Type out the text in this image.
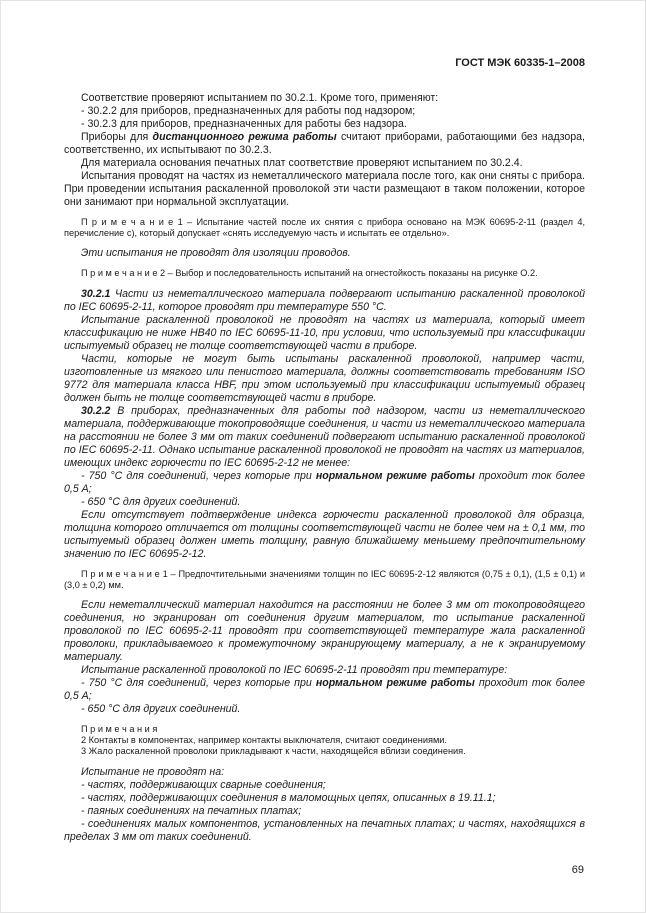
ГОСТ МЭК 60335-1–2008

Соответствие проверяют испытанием по 30.2.1. Кроме того, применяют:

- 30.2.2 для приборов, предназначенных для работы под надзором;

- 30.2.3 для приборов, предназначенных для работы без надзора.

Приборы для дистанционного режима работы считают приборами, работающими без надзора, соответственно, их испытывают по 30.2.3.

Для материала основания печатных плат соответствие проверяют испытанием по 30.2.4.

Испытания проводят на частях из неметаллического материала после того, как они сняты с прибора. При проведении испытания раскаленной проволокой эти части размещают в таком положении, которое они занимают при нормальной эксплуатации.

П р и м е ч а н и е 1 – Испытание частей после их снятия с прибора основано на МЭК 60695-2-11 (раздел 4, перечисление с), который допускает «снять исследуемую часть и испытать ее отдельно».

Эти испытания не проводят для изоляции проводов.

П р и м е ч а н и е 2 – Выбор и последовательность испытаний на огнестойкость показаны на рисунке О.2.

30.2.1 Части из неметаллического материала подвергают испытанию раскаленной проволокой по IEC 60695-2-11, которое проводят при температуре 550 °С.

Испытание раскаленной проволокой не проводят на частях из материала, который имеет классификацию не ниже НВ40 по IEC 60695-11-10, при условии, что используемый при классификации испытуемый образец не толще соответствующей части в приборе.

Части, которые не могут быть испытаны раскаленной проволокой, например части, изготовленные из мягкого или пенистого материала, должны соответствовать требованиям ISO 9772 для материала класса HBF, при этом используемый при классификации испытуемый образец должен быть не толще соответствующей части в приборе.

30.2.2 В приборах, предназначенных для работы под надзором, части из неметаллического материала, поддерживающие токопроводящие соединения, и части из неметаллического материала на расстоянии не более 3 мм от таких соединений подвергают испытанию раскаленной проволокой по IEC 60695-2-11. Однако испытание раскаленной проволокой не проводят на частях из материалов, имеющих индекс горючести по IEC 60695-2-12 не менее:

- 750 °С для соединений, через которые при нормальном режиме работы проходит ток более 0,5 А;

- 650 °С для других соединений.

Если отсутствует подтверждение индекса горючести раскаленной проволокой для образца, толщина которого отличается от толщины соответствующей части не более чем на ± 0,1 мм, то испытуемый образец должен иметь толщину, равную ближайшему меньшему предпочтительному значению по IEC 60695-2-12.

П р и м е ч а н и е 1 – Предпочтительными значениями толщин по IEC 60695-2-12 являются (0,75 ± 0,1), (1,5 ± 0,1) и (3,0 ± 0,2) мм.

Если неметаллический материал находится на расстоянии не более 3 мм от токопроводящего соединения, но экранирован от соединения другим материалом, то испытание раскаленной проволокой по IEC 60695-2-11 проводят при соответствующей температуре жала раскаленной проволоки, прикладываемого к промежуточному экранирующему материалу, а не к экранируемому материалу.

Испытание раскаленной проволокой по IEC 60695-2-11 проводят при температуре:

- 750 °С для соединений, через которые при нормальном режиме работы проходит ток более 0,5 А;

- 650 °С для других соединений.

П р и м е ч а н и я

2 Контакты в компонентах, например контакты выключателя, считают соединениями.

3 Жало раскаленной проволоки прикладывают к части, находящейся вблизи соединения.

Испытание не проводят на:

- частях, поддерживающих сварные соединения;

- частях, поддерживающих соединения в маломощных цепях, описанных в 19.11.1;

- паяных соединениях на печатных платах;

- соединениях малых компонентов, установленных на печатных платах; и частях, находящихся в пределах 3 мм от таких соединений.

69
